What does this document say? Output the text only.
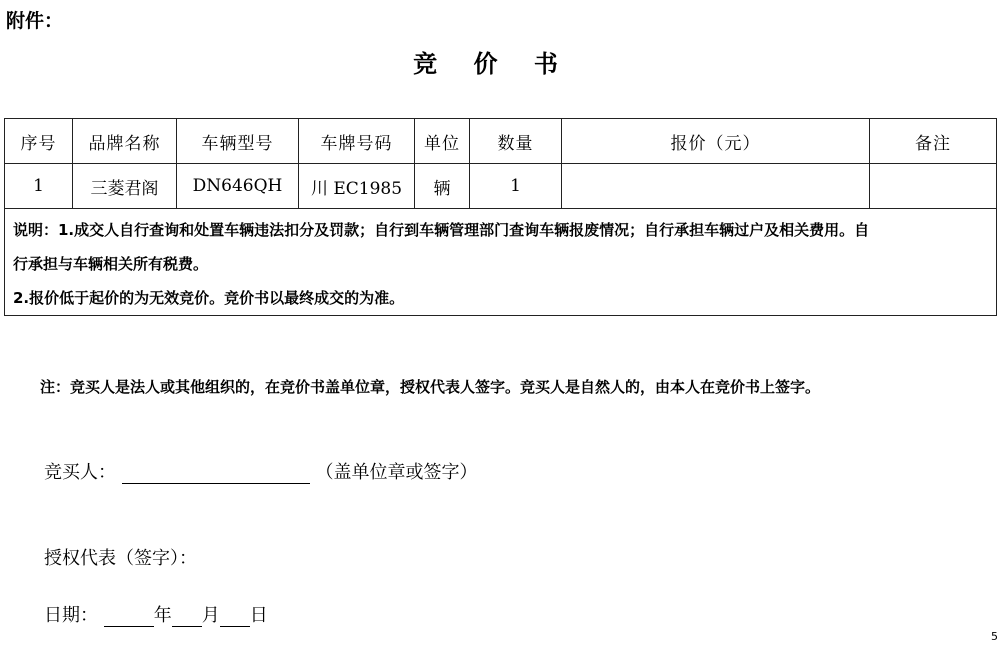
附件：
竞 价 书
序号	品牌名称	车辆型号	车牌号码	单位	数量	报价（元）	备注
1	三菱君阁	DN646QH	川 EC1985	辆	1		

说明：1.成交人自行查询和处置车辆违法扣分及罚款；自行到车辆管理部门查询车辆报废情况；自行承担车辆过户及相关费用。自
行承担与车辆相关所有税费。
2.报价低于起价的为无效竞价。竞价书以最终成交的为准。							
注：竞买人是法人或其他组织的，在竞价书盖单位章，授权代表人签字。竞买人是自然人的，由本人在竞价书上签字。
竞买人：	（盖单位章或签字）
授权代表（签字）：
日期：	年 月 日
5
